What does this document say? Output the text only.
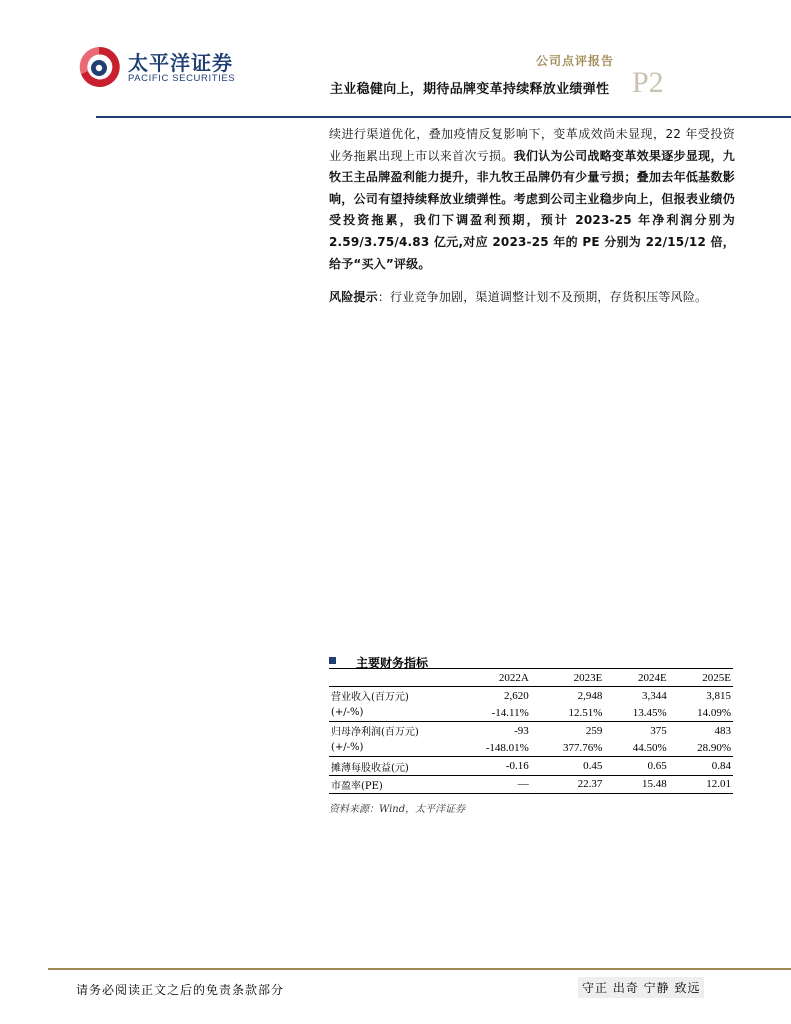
太平洋证券
PACIFIC SECURITIES
公司点评报告
P2
主业稳健向上，期待品牌变革持续释放业绩弹性
续进行渠道优化，叠加疫情反复影响下，变革成效尚未显现，22 年受投资业务拖累出现上市以来首次亏损。我们认为公司战略变革效果逐步显现，九牧王主品牌盈利能力提升，非九牧王品牌仍有少量亏损；叠加去年低基数影响，公司有望持续释放业绩弹性。考虑到公司主业稳步向上，但报表业绩仍受投资拖累，我们下调盈利预期，预计 2023-25 年净利润分别为 2.59/3.75/4.83 亿元,对应 2023-25 年的 PE 分别为 22/15/12 倍，给予“买入”评级。
风险提示：行业竞争加剧，渠道调整计划不及预期，存货积压等风险。
主要财务指标
	2022A	2023E	2024E	2025E
营业收入(百万元)	2,620	2,948	3,344	3,815
(+/-%)	-14.11%	12.51%	13.45%	14.09%
归母净利润(百万元)	-93	259	375	483
(+/-%)	-148.01%	377.76%	44.50%	28.90%
摊薄每股收益(元)	-0.16	0.45	0.65	0.84
市盈率(PE)	—	22.37	15.48	12.01
资料来源：Wind，太平洋证券
请务必阅读正文之后的免责条款部分	守正 出奇 宁静 致远
